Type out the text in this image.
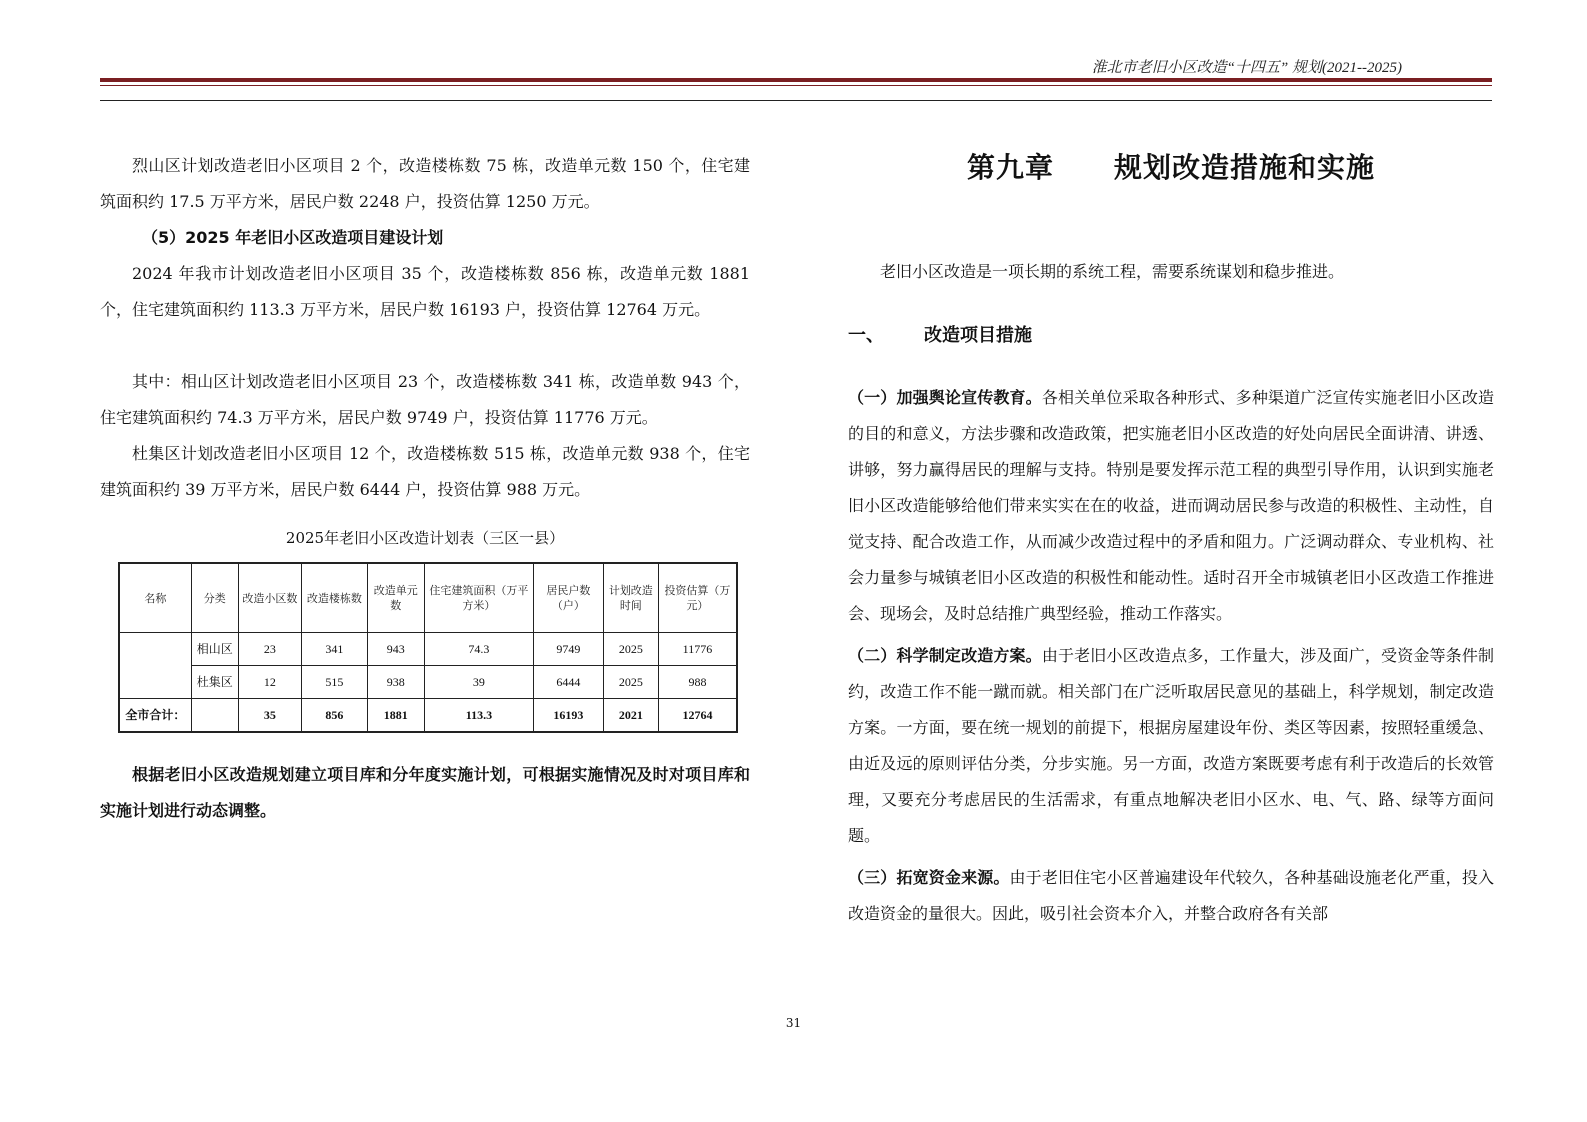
淮北市老旧小区改造“十四五” 规划(2021--2025)

烈山区计划改造老旧小区项目 2 个，改造楼栋数 75 栋，改造单元数 150 个，住宅建筑面积约 17.5 万平方米，居民户数 2248 户，投资估算 1250 万元。

（5）2025 年老旧小区改造项目建设计划

2024 年我市计划改造老旧小区项目 35 个，改造楼栋数 856 栋，改造单元数 1881 个，住宅建筑面积约 113.3 万平方米，居民户数 16193 户，投资估算 12764 万元。

其中：相山区计划改造老旧小区项目 23 个，改造楼栋数 341 栋，改造单数 943 个，住宅建筑面积约 74.3 万平方米，居民户数 9749 户，投资估算 11776 万元。

杜集区计划改造老旧小区项目 12 个，改造楼栋数 515 栋，改造单元数 938 个，住宅建筑面积约 39 万平方米，居民户数 6444 户，投资估算 988 万元。

2025年老旧小区改造计划表（三区一县）
名称	分类	改造小区数	改造楼栋数	改造单元数	住宅建筑面积（万平方米）	居民户数（户）	计划改造时间	投资估算（万元）
	相山区	23	341	943	74.3	9749	2025	11776
	杜集区	12	515	938	39	6444	2025	988
全市合计：		35	856	1881	113.3	16193	2021	12764

根据老旧小区改造规划建立项目库和分年度实施计划，可根据实施情况及时对项目库和实施计划进行动态调整。

第九章 规划改造措施和实施

老旧小区改造是一项长期的系统工程，需要系统谋划和稳步推进。

一、 改造项目措施

（一）加强舆论宣传教育。各相关单位采取各种形式、多种渠道广泛宣传实施老旧小区改造的目的和意义，方法步骤和改造政策，把实施老旧小区改造的好处向居民全面讲清、讲透、讲够，努力赢得居民的理解与支持。特别是要发挥示范工程的典型引导作用，认识到实施老旧小区改造能够给他们带来实实在在的收益，进而调动居民参与改造的积极性、主动性，自觉支持、配合改造工作，从而减少改造过程中的矛盾和阻力。广泛调动群众、专业机构、社会力量参与城镇老旧小区改造的积极性和能动性。适时召开全市城镇老旧小区改造工作推进会、现场会，及时总结推广典型经验，推动工作落实。

（二）科学制定改造方案。由于老旧小区改造点多，工作量大，涉及面广，受资金等条件制约，改造工作不能一蹴而就。相关部门在广泛听取居民意见的基础上，科学规划，制定改造方案。一方面，要在统一规划的前提下，根据房屋建设年份、类区等因素，按照轻重缓急、由近及远的原则评估分类，分步实施。另一方面，改造方案既要考虑有利于改造后的长效管理，又要充分考虑居民的生活需求，有重点地解决老旧小区水、电、气、路、绿等方面问题。

（三）拓宽资金来源。由于老旧住宅小区普遍建设年代较久，各种基础设施老化严重，投入改造资金的量很大。因此，吸引社会资本介入，并整合政府各有关部

31
